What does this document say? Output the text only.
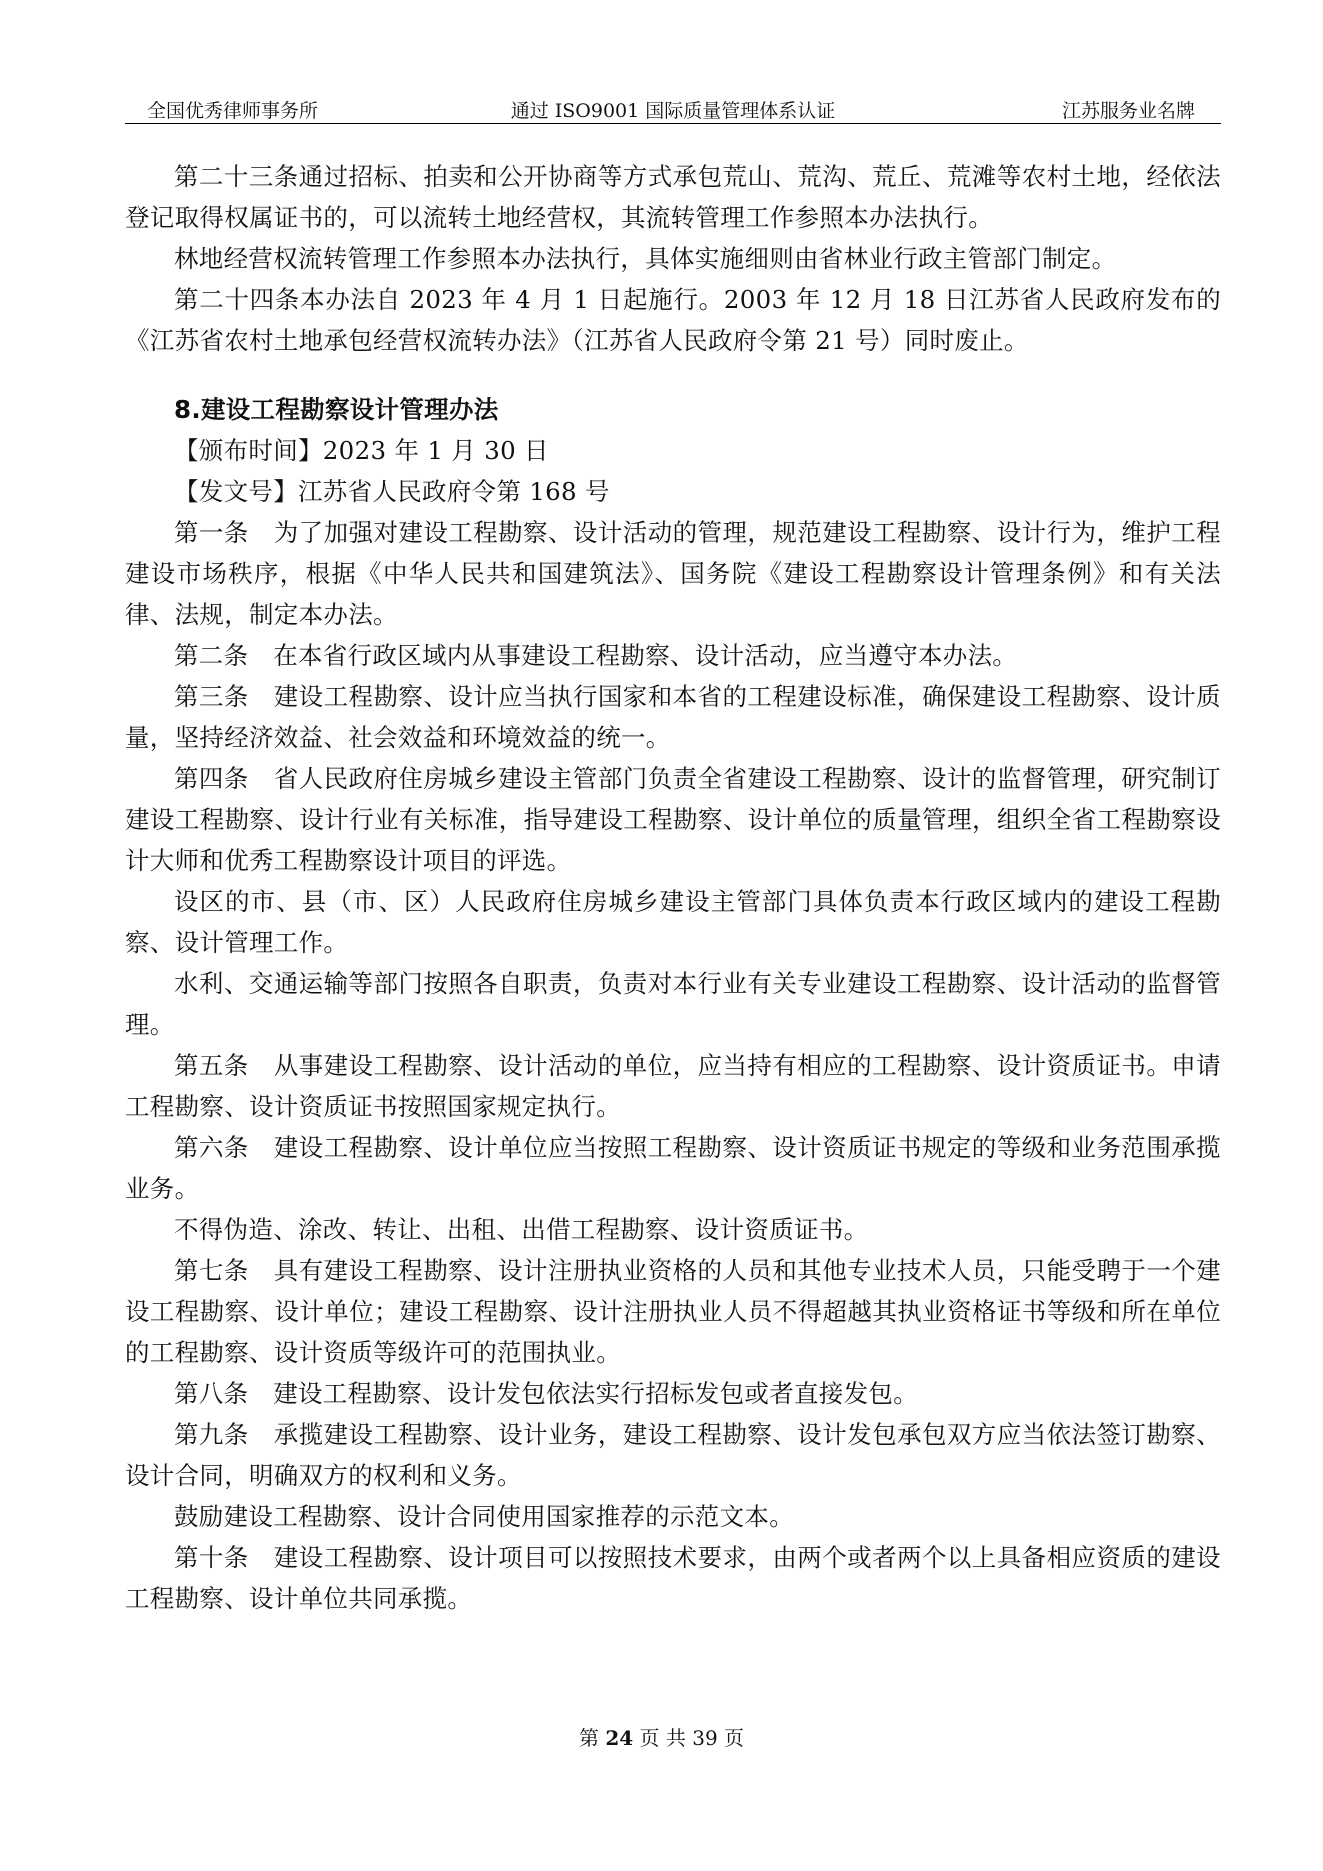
全国优秀律师事务所	通过 ISO9001 国际质量管理体系认证	江苏服务业名牌

第二十三条通过招标、拍卖和公开协商等方式承包荒山、荒沟、荒丘、荒滩等农村土地，经依法登记取得权属证书的，可以流转土地经营权，其流转管理工作参照本办法执行。

林地经营权流转管理工作参照本办法执行，具体实施细则由省林业行政主管部门制定。

第二十四条本办法自 2023 年 4 月 1 日起施行。2003 年 12 月 18 日江苏省人民政府发布的《江苏省农村土地承包经营权流转办法》（江苏省人民政府令第 21 号）同时废止。

8.建设工程勘察设计管理办法

【颁布时间】2023 年 1 月 30 日

【发文号】江苏省人民政府令第 168 号

第一条　为了加强对建设工程勘察、设计活动的管理，规范建设工程勘察、设计行为，维护工程建设市场秩序，根据《中华人民共和国建筑法》、国务院《建设工程勘察设计管理条例》和有关法律、法规，制定本办法。

第二条　在本省行政区域内从事建设工程勘察、设计活动，应当遵守本办法。

第三条　建设工程勘察、设计应当执行国家和本省的工程建设标准，确保建设工程勘察、设计质量，坚持经济效益、社会效益和环境效益的统一。

第四条　省人民政府住房城乡建设主管部门负责全省建设工程勘察、设计的监督管理，研究制订建设工程勘察、设计行业有关标准，指导建设工程勘察、设计单位的质量管理，组织全省工程勘察设计大师和优秀工程勘察设计项目的评选。

设区的市、县（市、区）人民政府住房城乡建设主管部门具体负责本行政区域内的建设工程勘察、设计管理工作。

水利、交通运输等部门按照各自职责，负责对本行业有关专业建设工程勘察、设计活动的监督管理。

第五条　从事建设工程勘察、设计活动的单位，应当持有相应的工程勘察、设计资质证书。申请工程勘察、设计资质证书按照国家规定执行。

第六条　建设工程勘察、设计单位应当按照工程勘察、设计资质证书规定的等级和业务范围承揽业务。

不得伪造、涂改、转让、出租、出借工程勘察、设计资质证书。

第七条　具有建设工程勘察、设计注册执业资格的人员和其他专业技术人员，只能受聘于一个建设工程勘察、设计单位；建设工程勘察、设计注册执业人员不得超越其执业资格证书等级和所在单位的工程勘察、设计资质等级许可的范围执业。

第八条　建设工程勘察、设计发包依法实行招标发包或者直接发包。

第九条　承揽建设工程勘察、设计业务，建设工程勘察、设计发包承包双方应当依法签订勘察、设计合同，明确双方的权利和义务。

鼓励建设工程勘察、设计合同使用国家推荐的示范文本。

第十条　建设工程勘察、设计项目可以按照技术要求，由两个或者两个以上具备相应资质的建设工程勘察、设计单位共同承揽。

第 24 页 共 39 页
